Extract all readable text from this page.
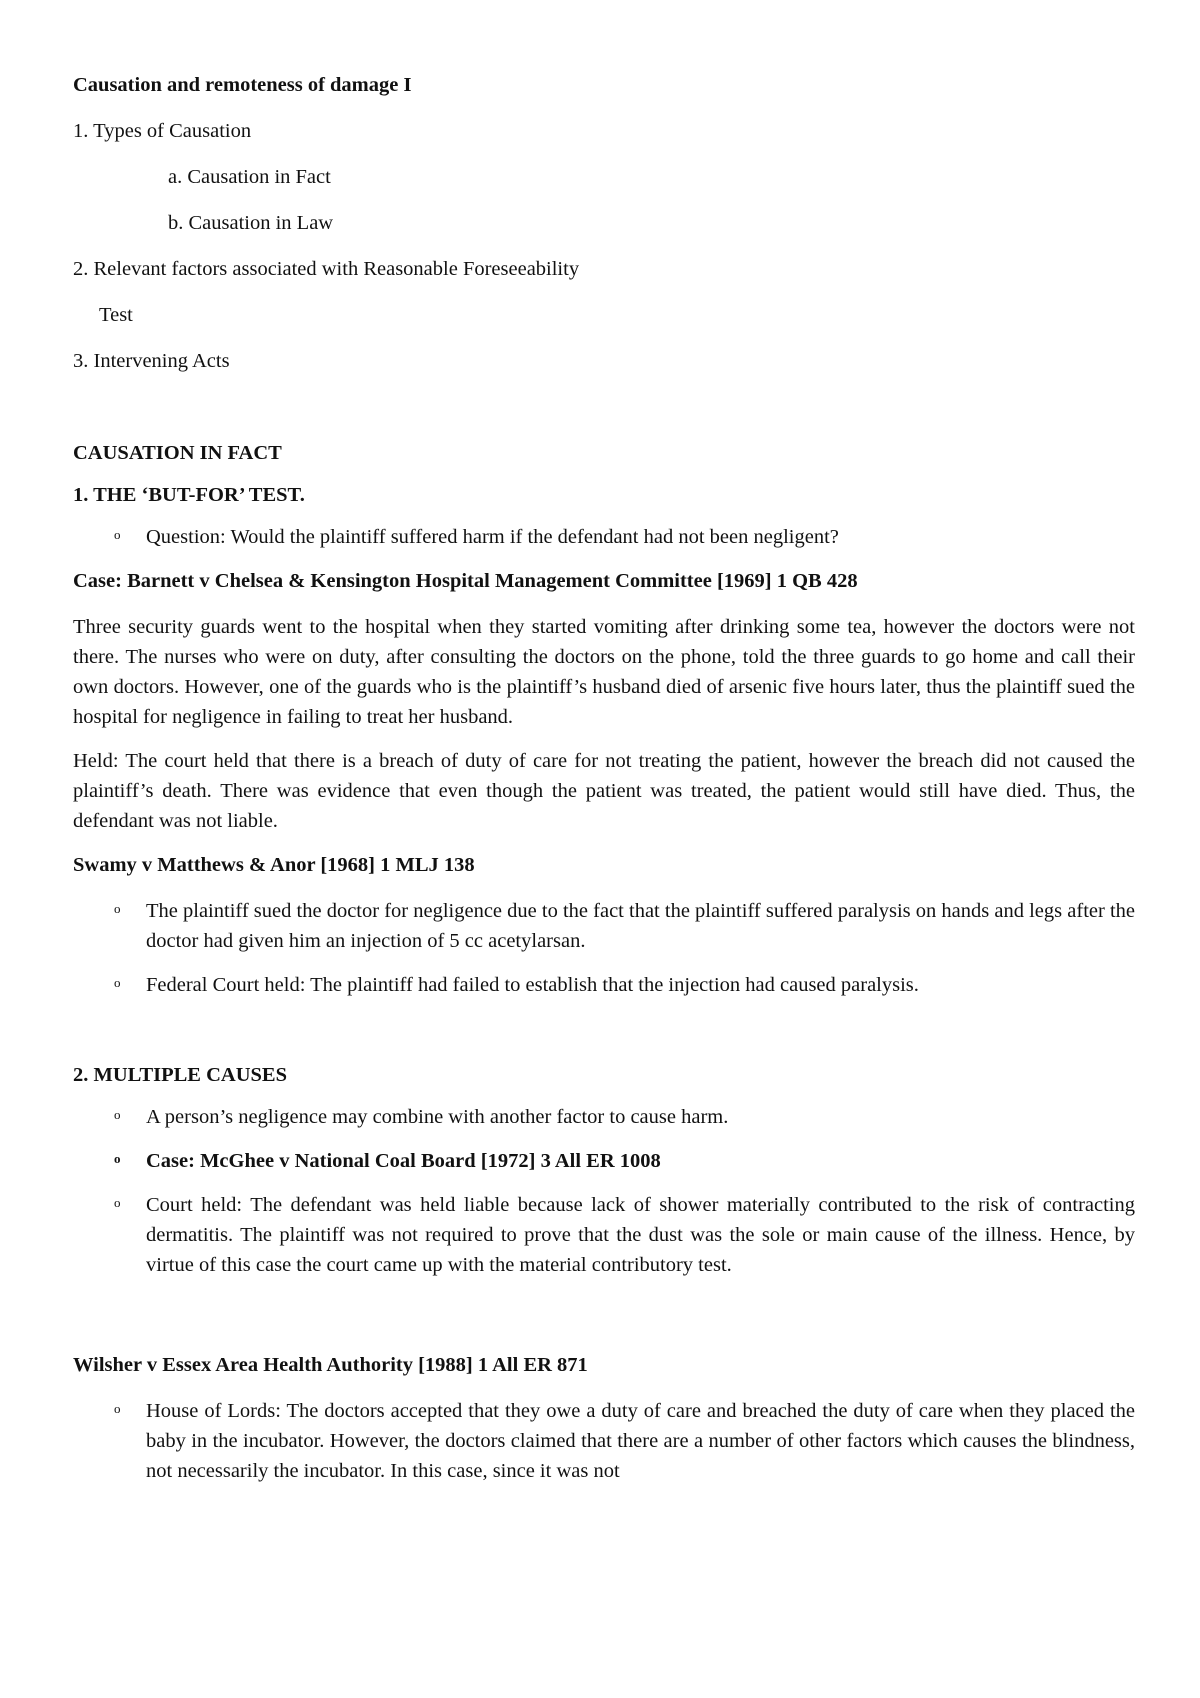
Causation and remoteness of damage I

1. Types of Causation

a. Causation in Fact

b. Causation in Law

2. Relevant factors associated with Reasonable Foreseeability

Test

3. Intervening Acts

CAUSATION IN FACT

1. THE ‘BUT-FOR’ TEST.

o Question: Would the plaintiff suffered harm if the defendant had not been negligent?

Case: Barnett v Chelsea & Kensington Hospital Management Committee [1969] 1 QB 428

Three security guards went to the hospital when they started vomiting after drinking some tea, however the doctors were not there. The nurses who were on duty, after consulting the doctors on the phone, told the three guards to go home and call their own doctors. However, one of the guards who is the plaintiff’s husband died of arsenic five hours later, thus the plaintiff sued the hospital for negligence in failing to treat her husband.

Held: The court held that there is a breach of duty of care for not treating the patient, however the breach did not caused the plaintiff’s death. There was evidence that even though the patient was treated, the patient would still have died. Thus, the defendant was not liable.

Swamy v Matthews & Anor [1968] 1 MLJ 138

o The plaintiff sued the doctor for negligence due to the fact that the plaintiff suffered paralysis on hands and legs after the doctor had given him an injection of 5 cc acetylarsan.
o Federal Court held: The plaintiff had failed to establish that the injection had caused paralysis.

2. MULTIPLE CAUSES

o A person’s negligence may combine with another factor to cause harm.
o Case: McGhee v National Coal Board [1972] 3 All ER 1008
o Court held: The defendant was held liable because lack of shower materially contributed to the risk of contracting dermatitis. The plaintiff was not required to prove that the dust was the sole or main cause of the illness. Hence, by virtue of this case the court came up with the material contributory test.

Wilsher v Essex Area Health Authority [1988] 1 All ER 871

o House of Lords: The doctors accepted that they owe a duty of care and breached the duty of care when they placed the baby in the incubator. However, the doctors claimed that there are a number of other factors which causes the blindness, not necessarily the incubator. In this case, since it was not
